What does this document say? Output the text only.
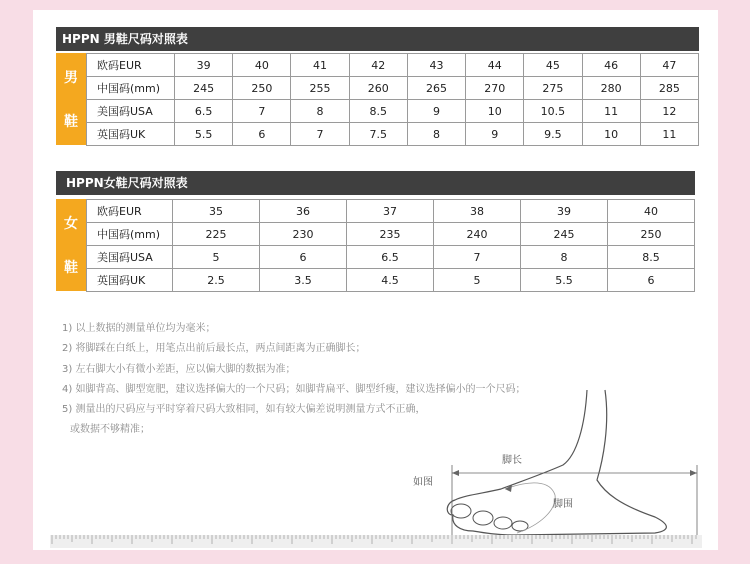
HPPN 男鞋尺码对照表
男
鞋
欧码EUR	39	40	41	42	43	44	45	46	47
中国码(mm)	245	250	255	260	265	270	275	280	285
美国码USA	6.5	7	8	8.5	9	10	10.5	11	12
英国码UK	5.5	6	7	7.5	8	9	9.5	10	11
HPPN女鞋尺码对照表
女
鞋
欧码EUR	35	36	37	38	39	40
中国码(mm)	225	230	235	240	245	250
美国码USA	5	6	6.5	7	8	8.5
英国码UK	2.5	3.5	4.5	5	5.5	6
1) 以上数据的测量单位均为毫米；
2) 将脚踩在白纸上，用笔点出前后最长点，两点间距离为正确脚长；
3) 左右脚大小有微小差距，应以偏大脚的数据为准；
4) 如脚背高、脚型宽肥，建议选择偏大的一个尺码；如脚背扁平、脚型纤瘦，建议选择偏小的一个尺码；
5) 测量出的尺码应与平时穿着尺码大致相同，如有较大偏差说明测量方式不正确，
或数据不够精准；
脚长
如图
脚围
